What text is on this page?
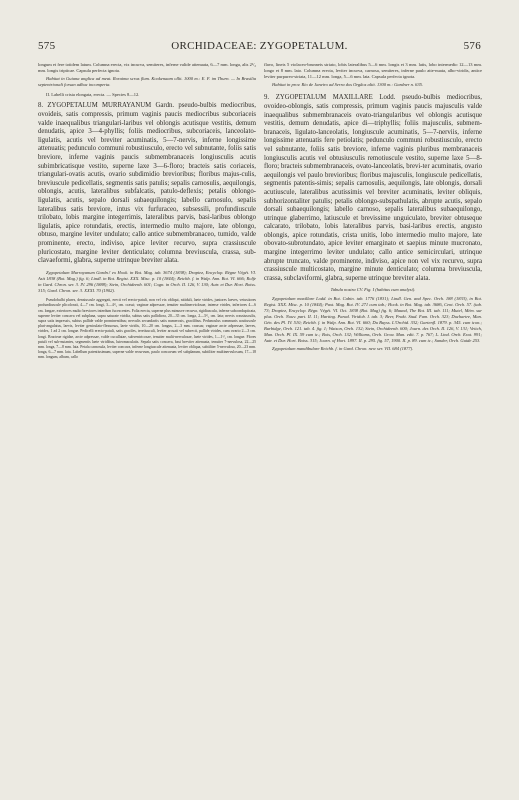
575	ORCHIDACEAE: ZYGOPETALUM.	576

longum et fere totidem latum. Columna erecta, vix incurva, semiteres, inferne valide attenuata, 6—7 mm. longa, alis 2¹/₂ mm. longis tripticae. Capsula perfecta ignota.

Habitat in Guiana anglica ad meat. Roraima scrus flum. Kookenaam ollit. 1000 m.: E. F. im Thurn. — In Brasilia septentrionali forsan adhuc incomperta.

II. Labelli crista elongata, erecta. — Species 8—12.

8. ZYGOPETALUM MURRAYANUM Gardn. pseudo-bulbis mediocribus, ovoideis, satis compressis, primum vaginis paucis mediocribus subcoriaceis valde inaequalibus triangulari-laribus vel oblongis acutisque vestitis, demum denudatis, apice 3—4-phyllis; foliis mediocribus, subcoriaceis, lanceolato-ligulatis, acutis vel breviter acuminatis, 5—7-nervis, inferne longissime attenuatis; pedunculo communi robustiusculo, erecto vel subnutante, foliis satis breviore, inferne vaginis paucis submembranaceis longiusculis acutis subimbricatisque vestito, superne laxe 3—6-floro; bracteis satis coriaceis, triangulari-ovatis acutis, ovario subdimidio brevioribus; floribus majus-culis, breviuscule pedicellatis, segmentis satis patulis; sepalis carnosulis, aequilongis, oblongis, acutis, lateralibus subfalcatis, patulo-deflexis; petalis oblongo-ligulatis, acutis, sepalo dorsali subaequilongis; labello carnosulo, sepalis lateralibus satis breviore, intus vix furfuraceo, subsessili, profundiuscule trilobato, lobis margine integerrimis, lateralibus parvis, basi-laribus oblongo ligulatis, apice rotundatis, erectis, intermedio multo majore, late oblongo, obtuso, margine leviter undulato; callo antice submembranaceo, tumido, valde prominente, erecto, indiviso, apice leviter recurvo, supra crassiuscule pluricostato, margine leviter denticulato; columna breviuscula, crassa, sub-clavaeformi, glabra, superne utrinque breviter alata.

Zygopetalum Murrayanum Gardn.! ex Hook. in Bot. Mag. tab. 3674 (1838); Drapiez, Encyclop. Règne Végét. VI. Asit 1838 (Bot. Mag.) fig. 6; Lindl. in Bot. Regist. XXX. Misc. p. 10 (1844); Reichb. f. in Walp. Ann. Bot. VI. 666; Rolfe in Gard. Chron. ser. 3. IV. 296 (1888); Stein, Orchideenb. 601; Cogn. in Orch. II. 126, V. 130; Autr. et Dur. Hort. Boiss. 315; Gard. Chron. ser. 3. XXXI. 70 (1902).

Pseudobulbi plures, densiuscule aggregati, erecti vel erecto-patuli, non vel vix obliqui, nitiduli, laete virides, juniores laeves, vetustiores profundiuscule plicolorati, 4—7 cm. longi, 3—4¹/₂ cm. crassi; vaginae adpressae, tenuiter multinerviolosae, intense virides, inferiores 4—6 cm. longae, exteriores multo breviores interdum fucescentes. Folia erecta, superne plus minusve recurva, rigidiuscula, inferne subcondupticata, superne leviter concava vel subplana, supra saturate viridia, subtus satis pallidiora, 20—35 cm. longa, 2—3¹/₂ cm. lata; nervis crassiusculis, supra satis impressis, subtus pallide valde prominentibus; nervulis secundariis satis numerosis, gracilibus. Pedunculus communis acutiuscule pluri-angulatus, laevis, leviter geniculato-flexuosus, laete viridis, 10—20 cm. longus, 2—3 mm. crassus; vaginae arcte adpressae, laeves, virides, 1 ad 2 cm. longae. Pedicelli erecto-patuli, satis graciles, teretiusculi, leviter arcuati vel subrecti, pallide virides, cum ovario 2—3 cm. longi. Bracteae rigidae, arcte adpressae, valde cucullatae, subventricosae, tenuiter multi-nervulosae, laete virides, 1—1¹/₂ cm. longae. Flores patuli vel sub-nutantes, segmentis laete viridibus, luteomaculatis. Sepala satis concava, basi breviter attenuata, tenuiter 7-nervulosa, 22—25 mm. longa, 7—8 mm. lata. Petala carnosula, leviter concava, inferne longiuscule attenuata, leviter obliqua, subtiliter 5-nervulosa, 20—23 mm. longa, 6—7 mm. lata. Labellum patentissimum, superne valde recurvum, paulo concavum vel subplanum, subtiliter multinervulosum, 17—18 mm. longum, album, callo

flavo, lineis 5 violaceo-brunneis striato, lobis lateralibus 5—6 mm. longis et 3 mm. latis, lobo intermedio 12—13 mm. longo et 8 mm. lato. Columna erecta, leviter incurva, carnosa, semiteres, inferne paulo atte-nuata, albo-viridis, antice leviter purpureo-striata, 11—12 mm. longa, 5—6 mm. lata. Capsula perfecta ignota.

Habitat in prov. Rio de Janeiro ad Serra dos Orgãos altit. 1300 m.: Gardner n. 635.

9. ZYGOPETALUM MAXILLARE Lodd. pseudo-bulbis mediocribus, ovoideo-oblongis, satis compressis, primum vaginis paucis majusculis valde inaequalibus submembranaceis ovato-triangularibus vel oblongis acutisque vestitis, demum denudatis, apice di—triphyllis; foliis majusculis, submem-branaceis, ligulato-lanceolatis, longiuscule acuminatis, 5—7-nerviis, inferne longissime attenuatis fere petiolatis; pedunculo communi robustiusculo, erecto vel subnutante, foliis satis breviore, inferne vaginis pluribus membranaceis longiusculis acutis vel obtusiusculis remotiuscule vestito, superne laxe 5—8-floro; bracteis submembranaceis, ovato-lanceolatis, brevi-ter acuminatis, ovario aequilongis vel paulo brevioribus; floribus majusculis, longiuscule pedicellatis, segmentis patentis-simis; sepalis carnosulis, aequilongis, late oblongis, dorsali acutiuscule, lateralibus acutissimis vel breviter acuminatis, leviter obliquis, subhorizontaliter patulis; petalis oblongo-subspathulatis, abrupte acutis, sepalo dorsali subaequilongis; labello carnoso, sepalis lateralibus subaequilongo, utrinque glaberrimo, latiuscule et brevissime unguiculato, breviter obtuseque calcarato, trilobato, lobis lateralibus parvis, basi-laribus erectis, angusto oblongis, apice rotundatis, crista unitis, lobo intermedio multo majore, late obovato-subrotundato, apice leviter emarginato et saepius minute mucronato, margine integerrimo leviter undulato; callo antice semicirculari, utrinque abrupte truncato, valde prominente, indiviso, apice non vel vix recurvo, supra crassiuscule multicostato, margine minute denticulato; columna breviuscula, crassa, subclaviformi, glabra, superne utrinque breviter alata.

Tabula nostra CV. Fig. I (habitus cum analysi).

Zygopetalum maxillare Lodd. in Bot. Cabin. tab. 1776 (1831); Lindl. Gen. and Spec. Orch. 188 (1833), in Bot. Regist. XXX. Misc. p. 10 (1844); Paxt. Mag. Bot. IV. 271 cum tab.; Hook. in Bot. Mag. tab. 3686, Cent. Orch. 57. (tab. 73; Drapiez, Encyclop. Règn. Végét. VI. Oct. 1838 (Bot. Mag) fig. 6; Maund, The Bot. III. tab. 111; Mutel, Mém. sur plus. Orch. Nouv. part. II. 11; Harting. Parad. Viridob. I. tab. 3; Beer, Prakt. Stud. Fam. Orch. 323; Duchartre, Man. Gén. des Pl. IV. 510; Reichb. f. in Walp. Ann. Bot. VI. 660; Du Buyss. L'Orchid. 332; Gartenfl. 1879. p. 345. cum icon.; Burbidge, Orch. 121. tab. 4. fig. 1; Watson, Orch. 132; Stein, Orchideenb. 600; Journ. des Orch. II. 126, V. 131; Veitch, Man. Orch. Pl. IX. 59 cum ic.; Bois, Orch. 132; Williams, Orch. Grow. Man. edit. 7. p. 767; L. Lind. Orch. Exot. 991; Autr. et Dur. Hort. Boiss. 315; Journ. of Hort. 1897. II. p. 295. fig. 57, 1900. II. p. 89. cum ic.; Sander, Orch. Guide 253.

Zygopetalum mandibulare Reichb. f. in Gard. Chron. new ser. VII. 684 (1877).
